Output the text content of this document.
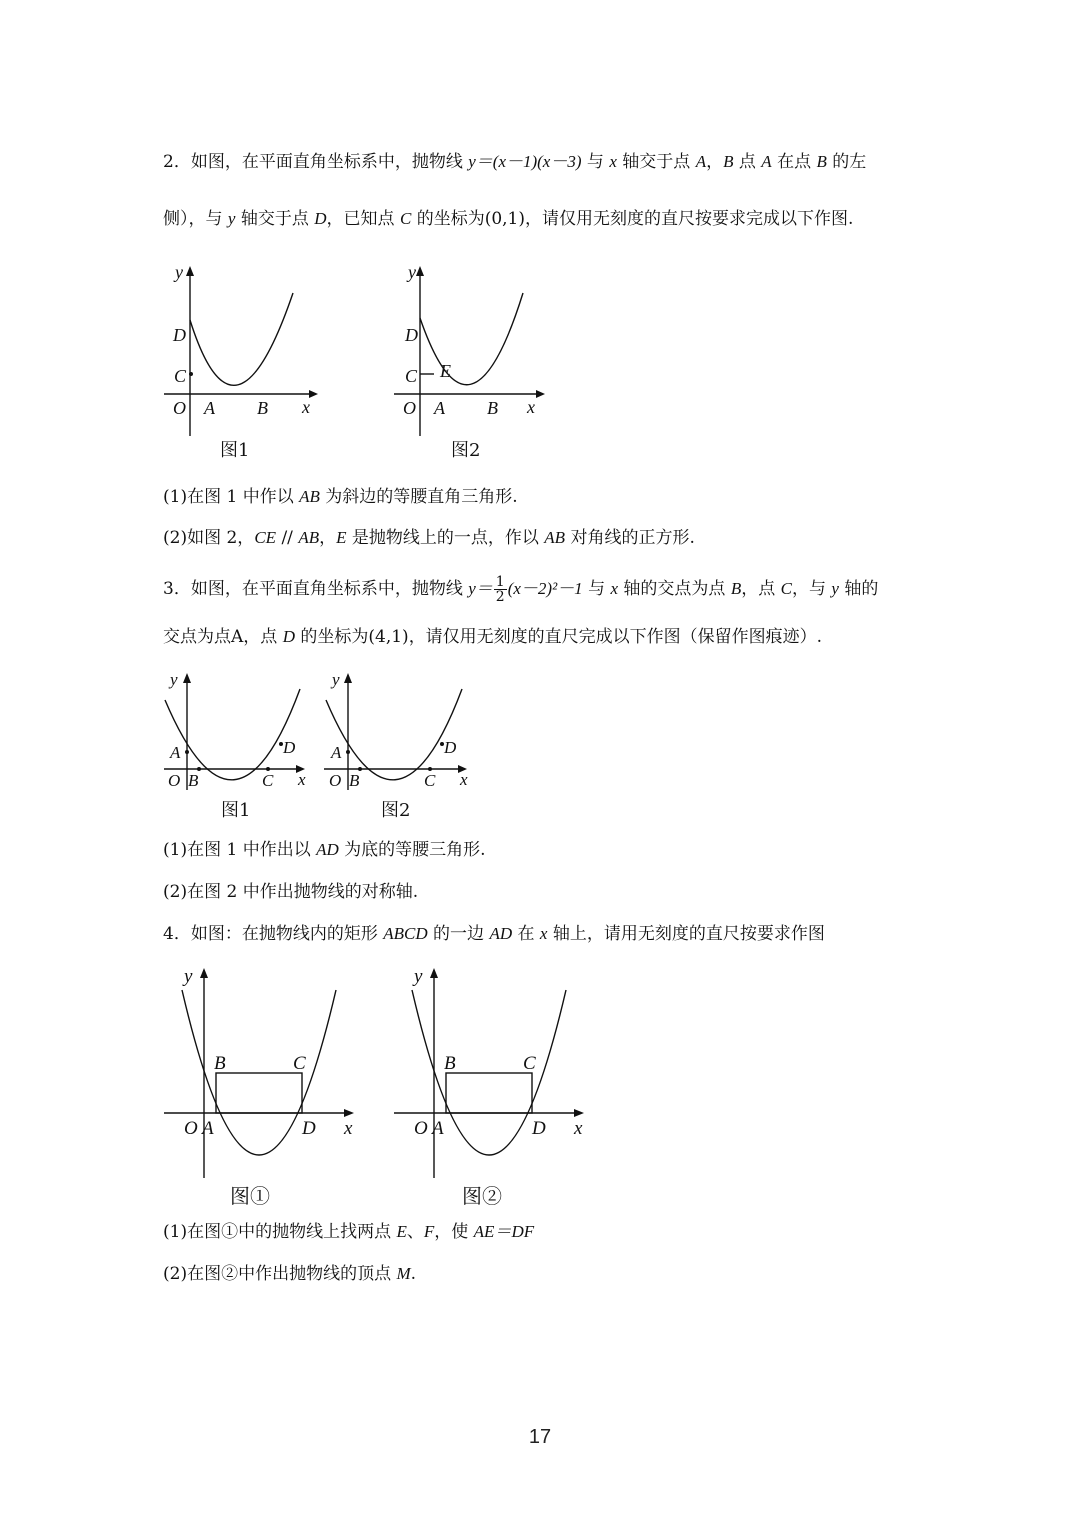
2．如图，在平面直角坐标系中，抛物线 y＝(x－1)(x－3) 与 x 轴交于点 A，B 点 A 在点 B 的左
侧），与 y 轴交于点 D，已知点 C 的坐标为(0,1)，请仅用无刻度的直尺按要求完成以下作图.
y
x
D
C
O A B
图1
y
x
D
C E
O A B
图2
(1)在图 1 中作以 AB 为斜边的等腰直角三角形.
(2)如图 2，CE // AB，E 是抛物线上的一点，作以 AB 对角线的正方形.
3．如图，在平面直角坐标系中，抛物线 $y= \frac{1}{2} (x-2)^2-1$ 与 x 轴的交点为点 B，点 C，与 y 轴的
交点为点A，点 D 的坐标为(4,1)，请仅用无刻度的直尺完成以下作图（保留作图痕迹）.
y
x
A	D
O B	C
图1
y
x
A	D
O B	C
图2
(1)在图 1 中作出以 AD 为底的等腰三角形.
(2)在图 2 中作出抛物线的对称轴.
4．如图：在抛物线内的矩形 ABCD 的一边 AD 在 x 轴上，请用无刻度的直尺按要求作图
y
x
B	C
O A	D
图①
y
x
B	C
O A	D
图②
(1)在图①中的抛物线上找两点 E、F，使 AE＝DF
(2)在图②中作出抛物线的顶点 M.
17
